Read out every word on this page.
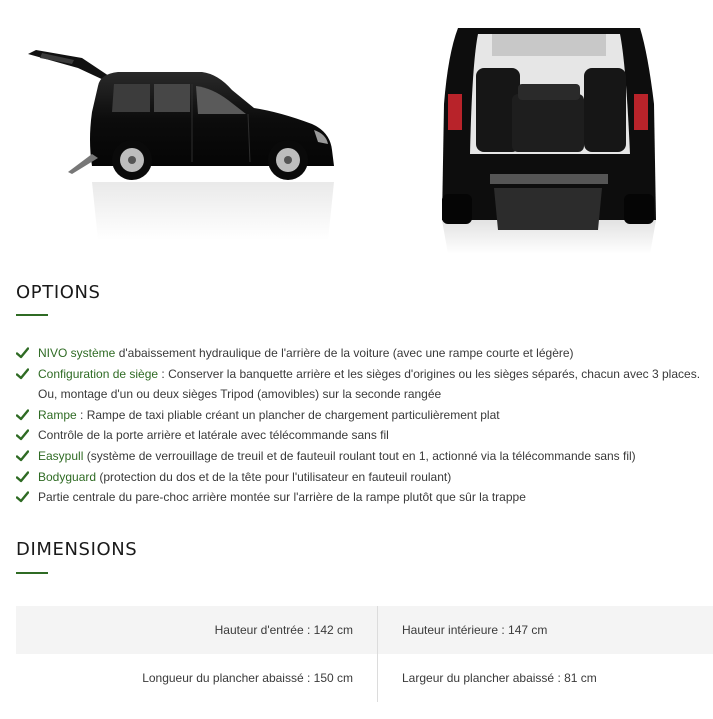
OPTIONS
NIVO système d'abaissement hydraulique de l'arrière de la voiture (avec une rampe courte et légère)
Configuration de siège : Conserver la banquette arrière et les sièges d'origines ou les sièges séparés, chacun avec 3 places. Ou, montage d'un ou deux sièges Tripod (amovibles) sur la seconde rangée
Rampe : Rampe de taxi pliable créant un plancher de chargement particulièrement plat
Contrôle de la porte arrière et latérale avec télécommande sans fil
Easypull (système de verrouillage de treuil et de fauteuil roulant tout en 1, actionné via la télécommande sans fil)
Bodyguard (protection du dos et de la tête pour l'utilisateur en fauteuil roulant)
Partie centrale du pare-choc arrière montée sur l'arrière de la rampe plutôt que sûr la trappe
DIMENSIONS
Hauteur d'entrée : 142 cm	Hauteur intérieure : 147 cm
Longueur du plancher abaissé : 150 cm	Largeur du plancher abaissé : 81 cm
